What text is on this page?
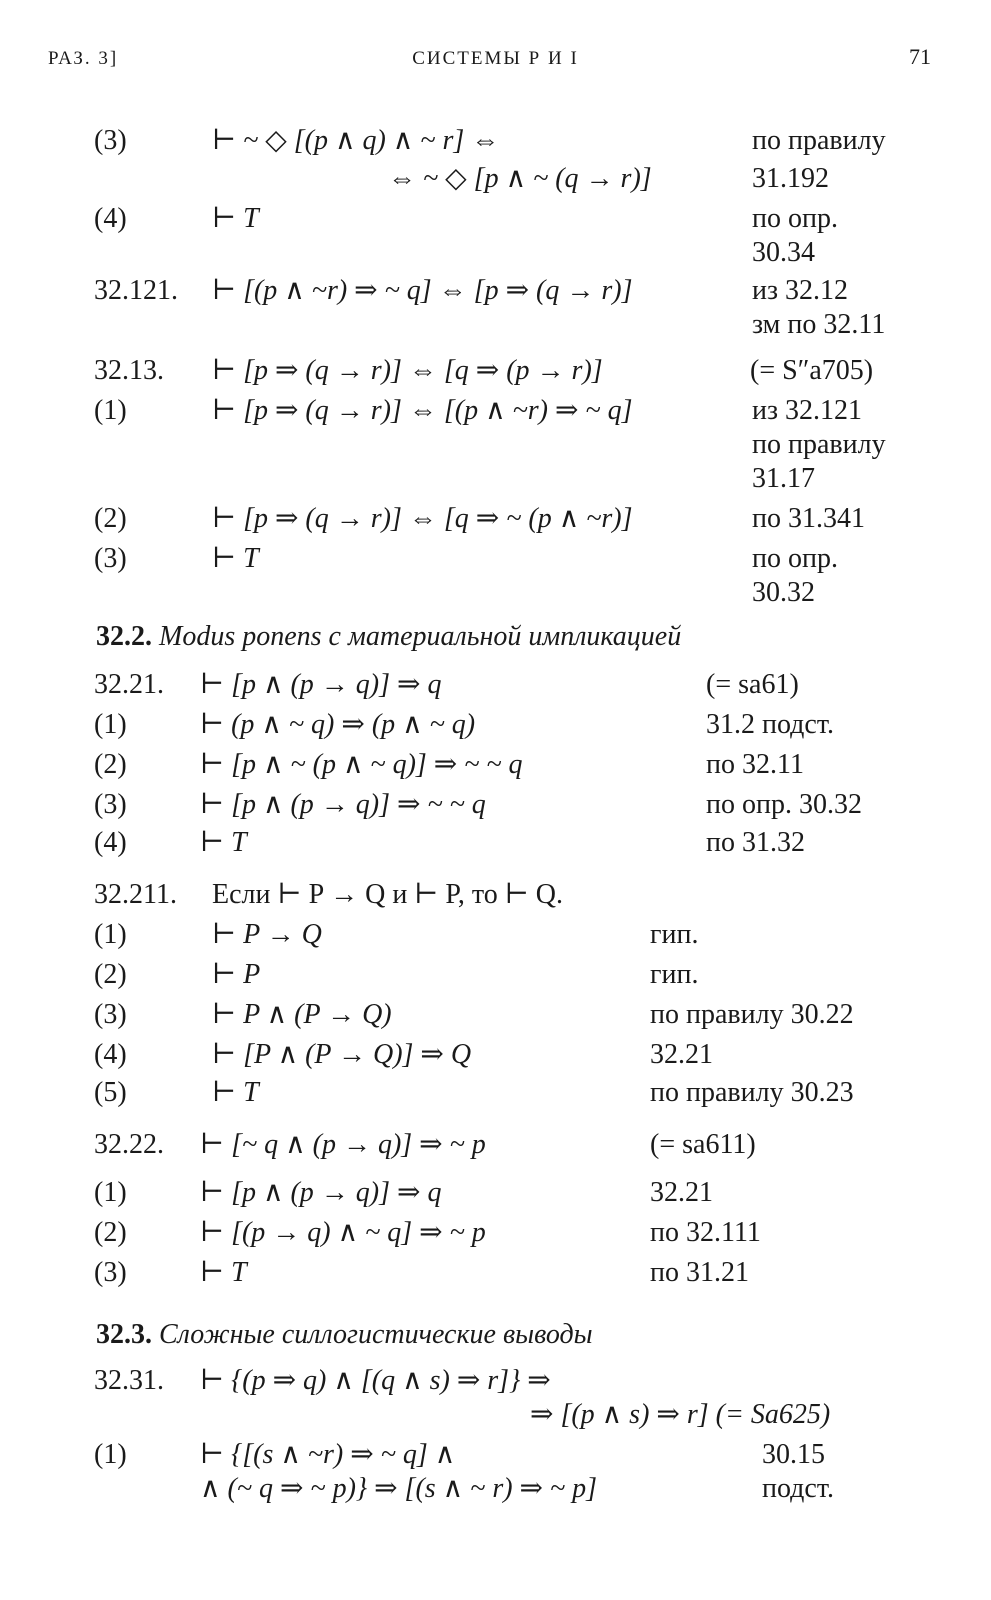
РАЗ. 3]	СИСТЕМЫ Р И I	71
(3)	⊢ ~ ◇ [(p ∧ q) ∧ ~ r] ⇔	по правилу
⇔ ~ ◇ [p ∧ ~ (q → r)]	31.192
(4)	⊢ T	по опр.
30.34
32.121. ⊢ [(p ∧ ~r) ⇒ ~ q] ⇔ [p ⇒ (q → r)]	из 32.12
зм по 32.11
32.13. ⊢ [p ⇒ (q → r)] ⇔ [q ⇒ (p → r)]	(= S″a705)
(1)	⊢ [p ⇒ (q → r)] ⇔ [(p ∧ ~r) ⇒ ~ q]	из 32.121
по правилу
31.17
(2)	⊢ [p ⇒ (q → r)] ⇔ [q ⇒ ~ (p ∧ ~r)]	по 31.341
(3)	⊢ T	по опр.
30.32
32.2. Modus ponens с материальной импликацией
32.21. ⊢ [p ∧ (p → q)] ⇒ q	(= sa61)
(1)	⊢ (p ∧ ~ q) ⇒ (p ∧ ~ q)	31.2 подст.
(2)	⊢ [p ∧ ~ (p ∧ ~ q)] ⇒ ~ ~ q	по 32.11
(3)	⊢ [p ∧ (p → q)] ⇒ ~ ~ q	по опр. 30.32
(4)	⊢ T	по 31.32
32.211. Если ⊢ P → Q и ⊢ P, то ⊢ Q.
(1)	⊢ P → Q	гип.
(2)	⊢ P	гип.
(3)	⊢ P ∧ (P → Q)	по правилу 30.22
(4)	⊢ [P ∧ (P → Q)] ⇒ Q	32.21
(5)	⊢ T	по правилу 30.23
32.22. ⊢ [~ q ∧ (p → q)] ⇒ ~ p	(= sa611)
(1)	⊢ [p ∧ (p → q)] ⇒ q	32.21
(2)	⊢ [(p → q) ∧ ~ q] ⇒ ~ p	по 32.111
(3)	⊢ T	по 31.21
32.3. Сложные силлогистические выводы
32.31. ⊢ {(p ⇒ q) ∧ [(q ∧ s) ⇒ r]} ⇒
⇒ [(p ∧ s) ⇒ r] (= Sa625)
(1)	⊢ {[(s ∧ ~r) ⇒ ~ q] ∧	30.15
∧ (~ q ⇒ ~ p)} ⇒ [(s ∧ ~ r) ⇒ ~ p]	подст.
